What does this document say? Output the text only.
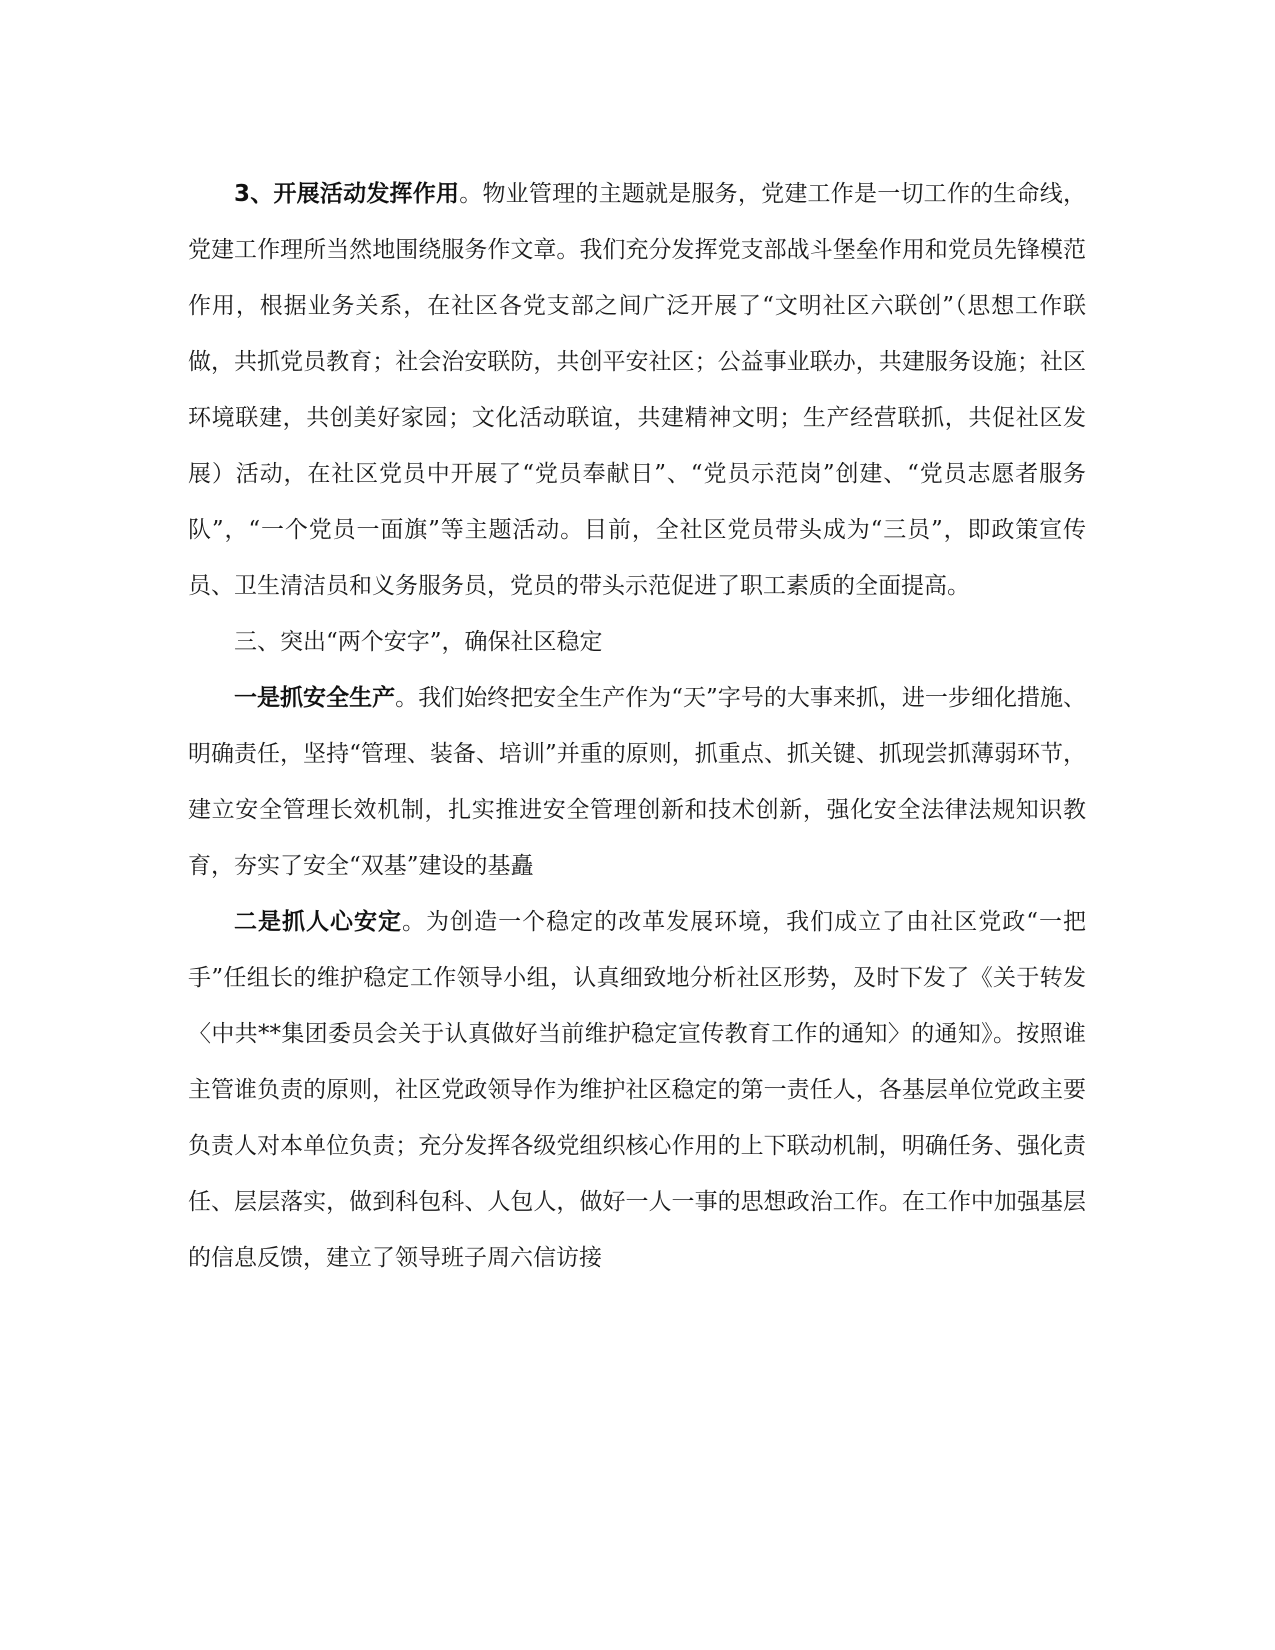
3、开展活动发挥作用。物业管理的主题就是服务，党建工作是一切工作的生命线，党建工作理所当然地围绕服务作文章。我们充分发挥党支部战斗堡垒作用和党员先锋模范作用，根据业务关系，在社区各党支部之间广泛开展了“文明社区六联创”（思想工作联做，共抓党员教育；社会治安联防，共创平安社区；公益事业联办，共建服务设施；社区环境联建，共创美好家园；文化活动联谊，共建精神文明；生产经营联抓，共促社区发展）活动，在社区党员中开展了“党员奉献日”、“党员示范岗”创建、“党员志愿者服务队”，“一个党员一面旗”等主题活动。目前，全社区党员带头成为“三员”，即政策宣传员、卫生清洁员和义务服务员，党员的带头示范促进了职工素质的全面提高。

三、突出“两个安字”，确保社区稳定

一是抓安全生产。我们始终把安全生产作为“天”字号的大事来抓，进一步细化措施、明确责任，坚持“管理、装备、培训”并重的原则，抓重点、抓关键、抓现尝抓薄弱环节，建立安全管理长效机制，扎实推进安全管理创新和技术创新，强化安全法律法规知识教育，夯实了安全“双基”建设的基矗

二是抓人心安定。为创造一个稳定的改革发展环境，我们成立了由社区党政“一把手”任组长的维护稳定工作领导小组，认真细致地分析社区形势，及时下发了《关于转发〈中共**集团委员会关于认真做好当前维护稳定宣传教育工作的通知〉的通知》。按照谁主管谁负责的原则，社区党政领导作为维护社区稳定的第一责任人，各基层单位党政主要负责人对本单位负责；充分发挥各级党组织核心作用的上下联动机制，明确任务、强化责任、层层落实，做到科包科、人包人，做好一人一事的思想政治工作。在工作中加强基层的信息反馈，建立了领导班子周六信访接
